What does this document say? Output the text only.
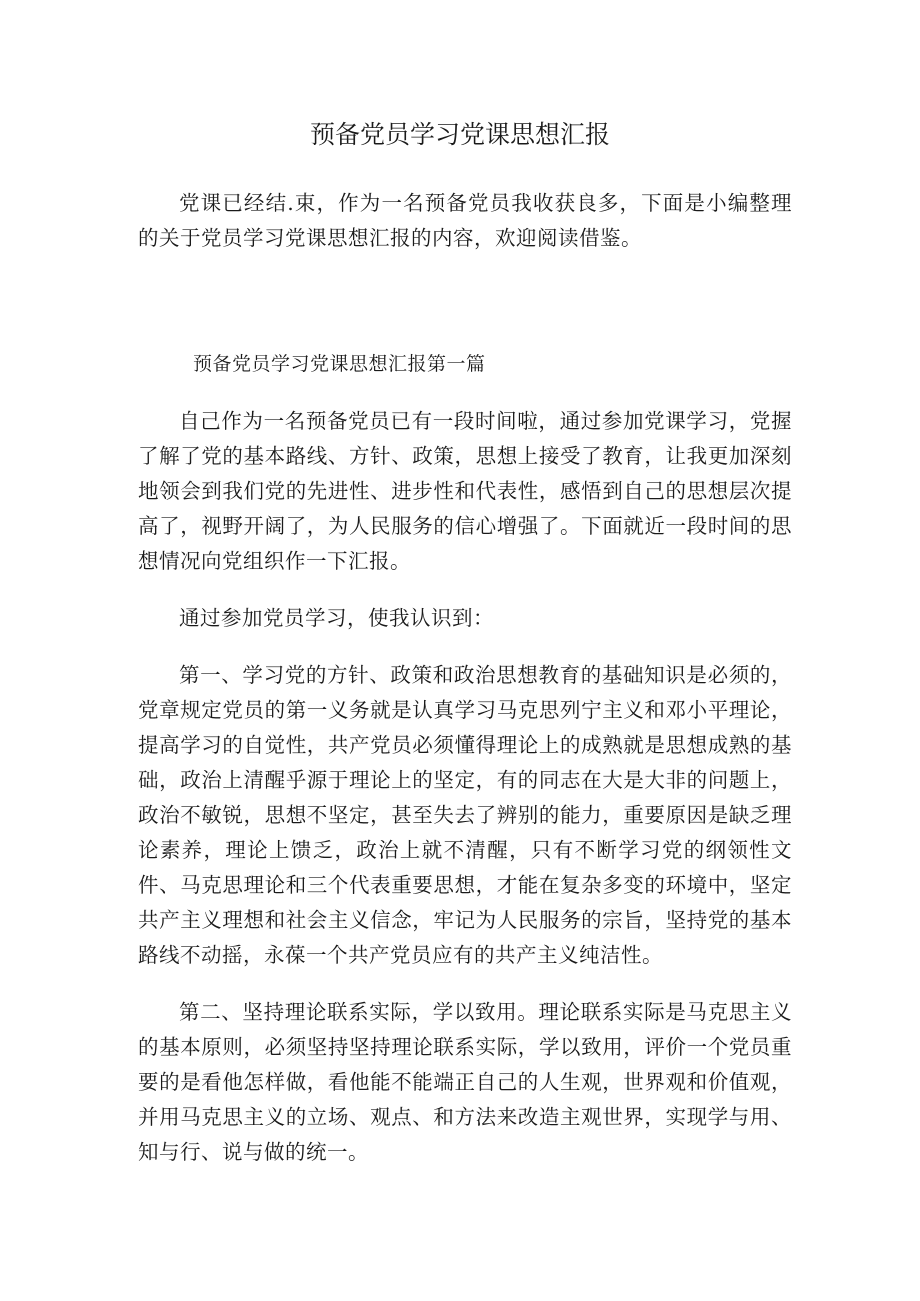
预备党员学习党课思想汇报

党课已经结.束，作为一名预备党员我收获良多，下面是小编整理的关于党员学习党课思想汇报的内容，欢迎阅读借鉴。

预备党员学习党课思想汇报第一篇

自己作为一名预备党员已有一段时间啦，通过参加党课学习，党握了解了党的基本路线、方针、政策，思想上接受了教育，让我更加深刻地领会到我们党的先进性、进步性和代表性，感悟到自己的思想层次提高了，视野开阔了，为人民服务的信心增强了。下面就近一段时间的思想情况向党组织作一下汇报。

通过参加党员学习，使我认识到：

第一、学习党的方针、政策和政治思想教育的基础知识是必须的，党章规定党员的第一义务就是认真学习马克思列宁主义和邓小平理论，提高学习的自觉性，共产党员必须懂得理论上的成熟就是思想成熟的基础，政治上清醒乎源于理论上的坚定，有的同志在大是大非的问题上，政治不敏锐，思想不坚定，甚至失去了辨别的能力，重要原因是缺乏理论素养，理论上馈乏，政治上就不清醒，只有不断学习党的纲领性文件、马克思理论和三个代表重要思想，才能在复杂多变的环境中，坚定共产主义理想和社会主义信念，牢记为人民服务的宗旨，坚持党的基本路线不动摇，永葆一个共产党员应有的共产主义纯洁性。

第二、坚持理论联系实际，学以致用。理论联系实际是马克思主义的基本原则，必须坚持坚持理论联系实际，学以致用，评价一个党员重要的是看他怎样做，看他能不能端正自己的人生观，世界观和价值观，并用马克思主义的立场、观点、和方法来改造主观世界，实现学与用、知与行、说与做的统一。
